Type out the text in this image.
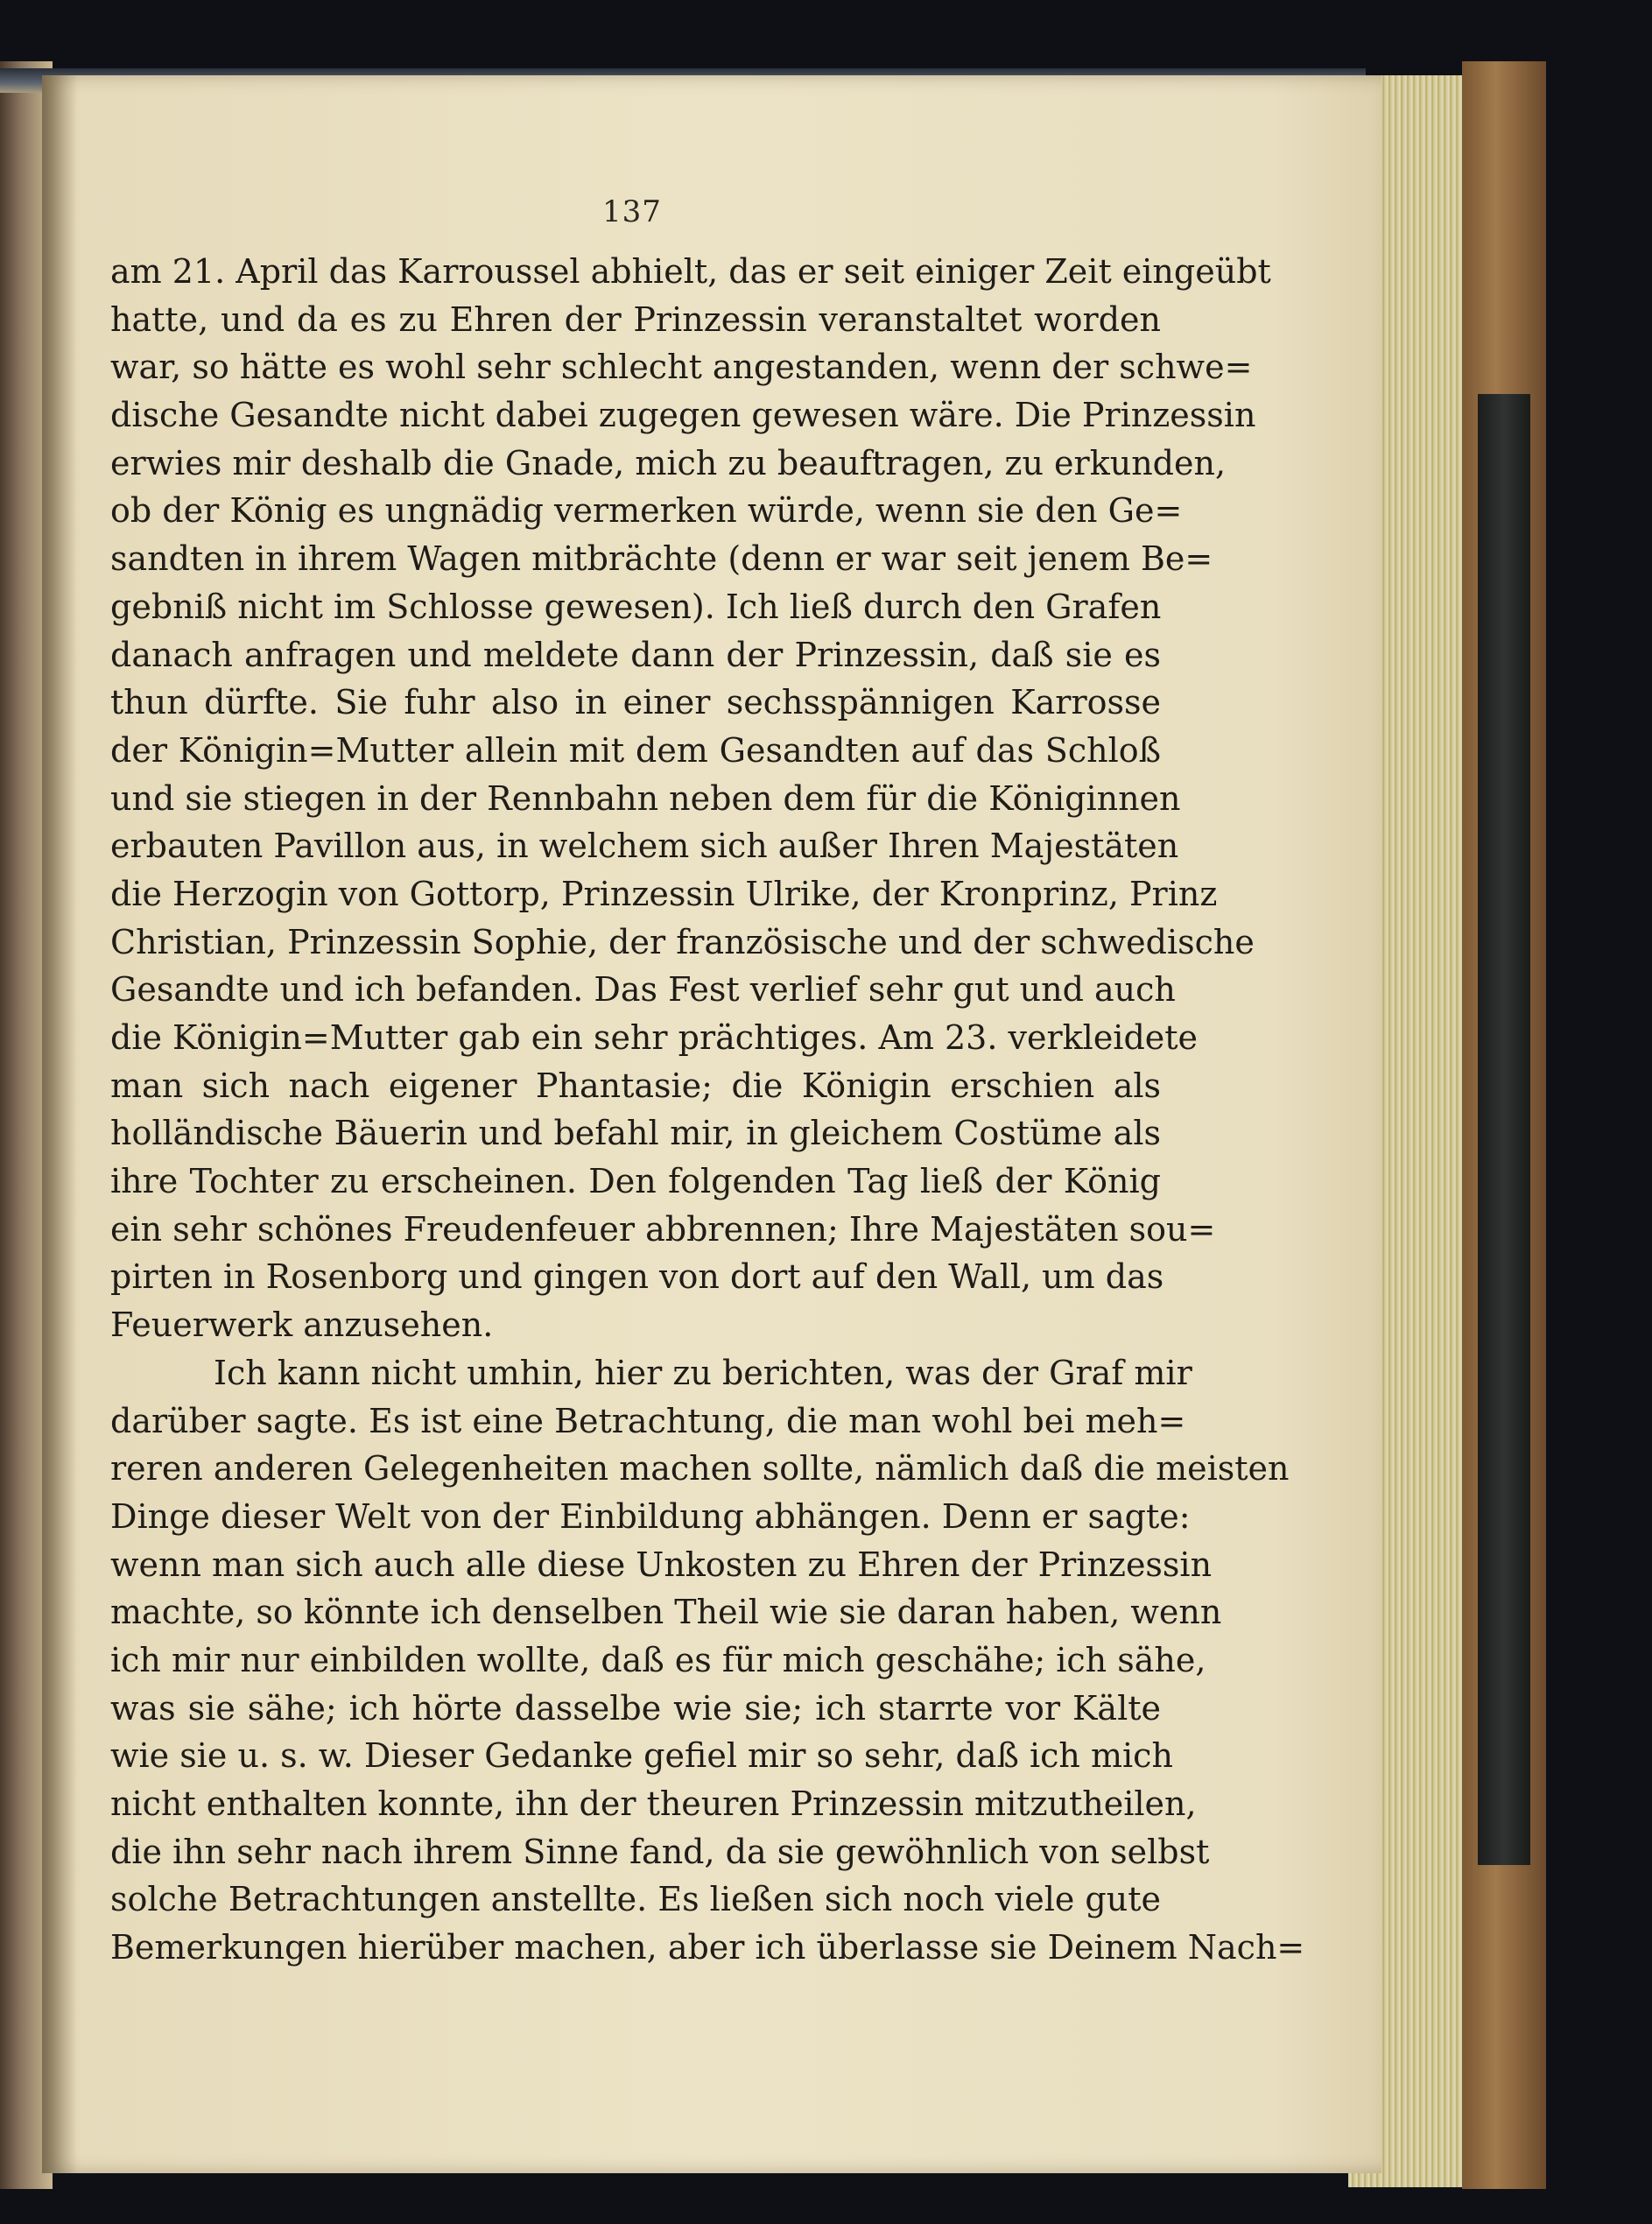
137
am 21. April das Karroussel abhielt, das er seit einiger Zeit eingeübt
hatte, und da es zu Ehren der Prinzessin veranstaltet worden
war, so hätte es wohl sehr schlecht angestanden, wenn der schwe=
dische Gesandte nicht dabei zugegen gewesen wäre. Die Prinzessin
erwies mir deshalb die Gnade, mich zu beauftragen, zu erkunden,
ob der König es ungnädig vermerken würde, wenn sie den Ge=
sandten in ihrem Wagen mitbrächte (denn er war seit jenem Be=
gebniß nicht im Schlosse gewesen). Ich ließ durch den Grafen
danach anfragen und meldete dann der Prinzessin, daß sie es
thun dürfte. Sie fuhr also in einer sechsspännigen Karrosse
der Königin=Mutter allein mit dem Gesandten auf das Schloß
und sie stiegen in der Rennbahn neben dem für die Königinnen
erbauten Pavillon aus, in welchem sich außer Ihren Majestäten
die Herzogin von Gottorp, Prinzessin Ulrike, der Kronprinz, Prinz
Christian, Prinzessin Sophie, der französische und der schwedische
Gesandte und ich befanden. Das Fest verlief sehr gut und auch
die Königin=Mutter gab ein sehr prächtiges. Am 23. verkleidete
man sich nach eigener Phantasie; die Königin erschien als
holländische Bäuerin und befahl mir, in gleichem Costüme als
ihre Tochter zu erscheinen. Den folgenden Tag ließ der König
ein sehr schönes Freudenfeuer abbrennen; Ihre Majestäten sou=
pirten in Rosenborg und gingen von dort auf den Wall, um das
Feuerwerk anzusehen.
Ich kann nicht umhin, hier zu berichten, was der Graf mir
darüber sagte. Es ist eine Betrachtung, die man wohl bei meh=
reren anderen Gelegenheiten machen sollte, nämlich daß die meisten
Dinge dieser Welt von der Einbildung abhängen. Denn er sagte:
wenn man sich auch alle diese Unkosten zu Ehren der Prinzessin
machte, so könnte ich denselben Theil wie sie daran haben, wenn
ich mir nur einbilden wollte, daß es für mich geschähe; ich sähe,
was sie sähe; ich hörte dasselbe wie sie; ich starrte vor Kälte
wie sie u. s. w. Dieser Gedanke gefiel mir so sehr, daß ich mich
nicht enthalten konnte, ihn der theuren Prinzessin mitzutheilen,
die ihn sehr nach ihrem Sinne fand, da sie gewöhnlich von selbst
solche Betrachtungen anstellte. Es ließen sich noch viele gute
Bemerkungen hierüber machen, aber ich überlasse sie Deinem Nach=
